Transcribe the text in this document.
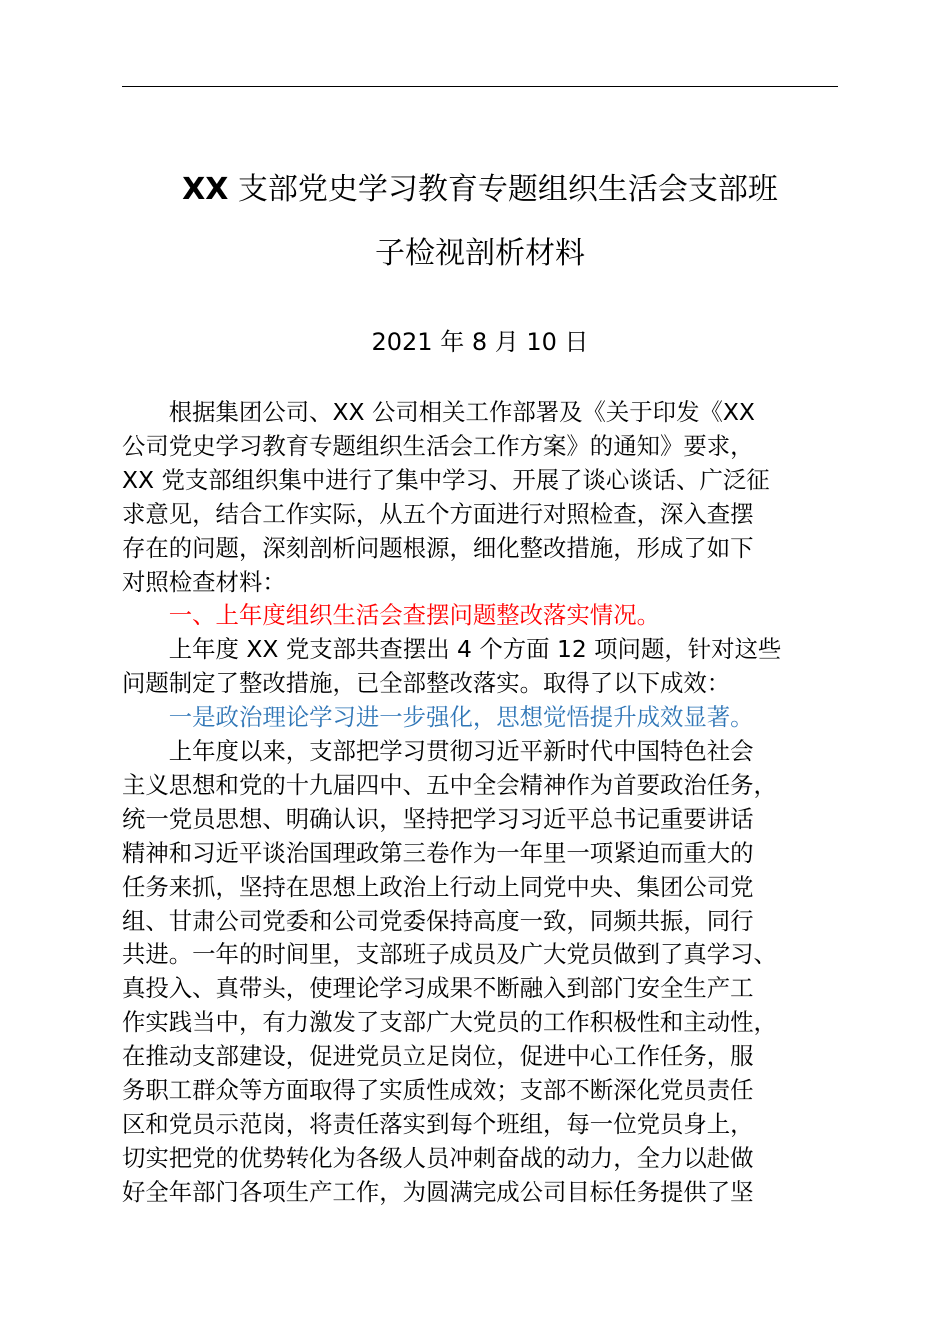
XX 支部党史学习教育专题组织生活会支部班
子检视剖析材料
2021 年 8 月 10 日
　　根据集团公司、XX 公司相关工作部署及《关于印发《XX
公司党史学习教育专题组织生活会工作方案》的通知》要求，
XX 党支部组织集中进行了集中学习、开展了谈心谈话、广泛征
求意见，结合工作实际，从五个方面进行对照检查，深入查摆
存在的问题，深刻剖析问题根源，细化整改措施，形成了如下
对照检查材料：
　　一、上年度组织生活会查摆问题整改落实情况。
　　上年度 XX 党支部共查摆出 4 个方面 12 项问题，针对这些
问题制定了整改措施，已全部整改落实。取得了以下成效：
　　一是政治理论学习进一步强化，思想觉悟提升成效显著。
　　上年度以来，支部把学习贯彻习近平新时代中国特色社会
主义思想和党的十九届四中、五中全会精神作为首要政治任务，
统一党员思想、明确认识，坚持把学习习近平总书记重要讲话
精神和习近平谈治国理政第三卷作为一年里一项紧迫而重大的
任务来抓，坚持在思想上政治上行动上同党中央、集团公司党
组、甘肃公司党委和公司党委保持高度一致，同频共振，同行
共进。一年的时间里，支部班子成员及广大党员做到了真学习、
真投入、真带头，使理论学习成果不断融入到部门安全生产工
作实践当中，有力激发了支部广大党员的工作积极性和主动性，
在推动支部建设，促进党员立足岗位，促进中心工作任务，服
务职工群众等方面取得了实质性成效；支部不断深化党员责任
区和党员示范岗，将责任落实到每个班组，每一位党员身上，
切实把党的优势转化为各级人员冲刺奋战的动力，全力以赴做
好全年部门各项生产工作，为圆满完成公司目标任务提供了坚
